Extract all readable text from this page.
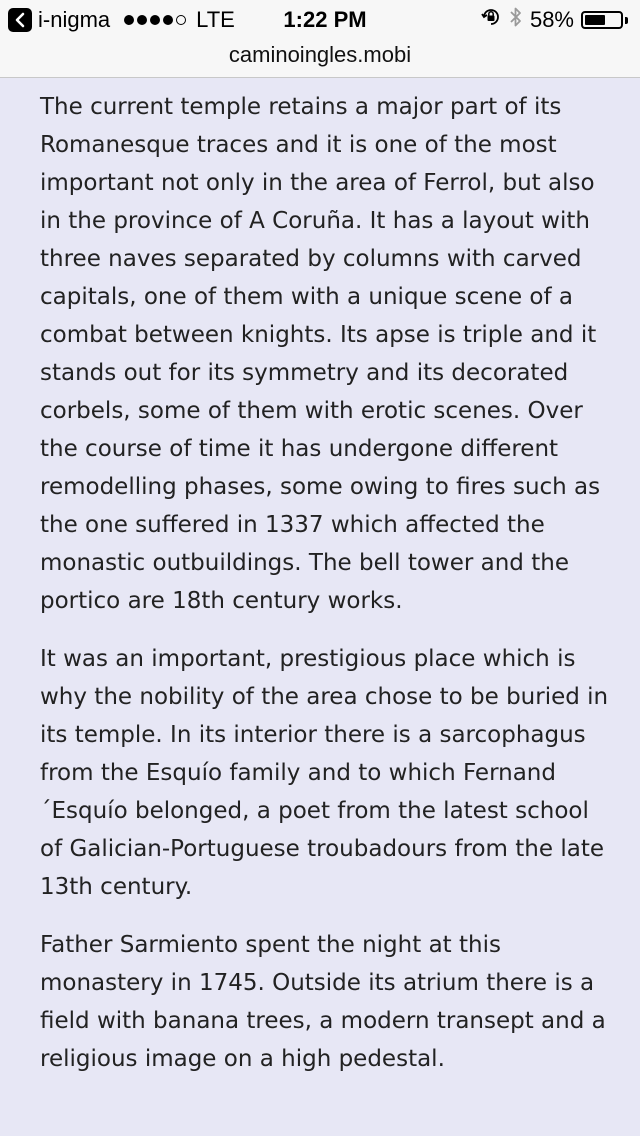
i-nigma	LTE	1:22 PM	58%
caminoingles.mobi

The current temple retains a major part of its Romanesque traces and it is one of the most important not only in the area of Ferrol, but also in the province of A Coruña. It has a layout with three naves separated by columns with carved capitals, one of them with a unique scene of a combat between knights. Its apse is triple and it stands out for its symmetry and its decorated corbels, some of them with erotic scenes. Over the course of time it has undergone different remodelling phases, some owing to fires such as the one suffered in 1337 which affected the monastic outbuildings. The bell tower and the portico are 18th century works.

It was an important, prestigious place which is why the nobility of the area chose to be buried in its temple. In its interior there is a sarcophagus from the Esquío family and to which Fernand´Esquío belonged, a poet from the latest school of Galician-Portuguese troubadours from the late 13th century.

Father Sarmiento spent the night at this monastery in 1745. Outside its atrium there is a field with banana trees, a modern transept and a religious image on a high pedestal.
